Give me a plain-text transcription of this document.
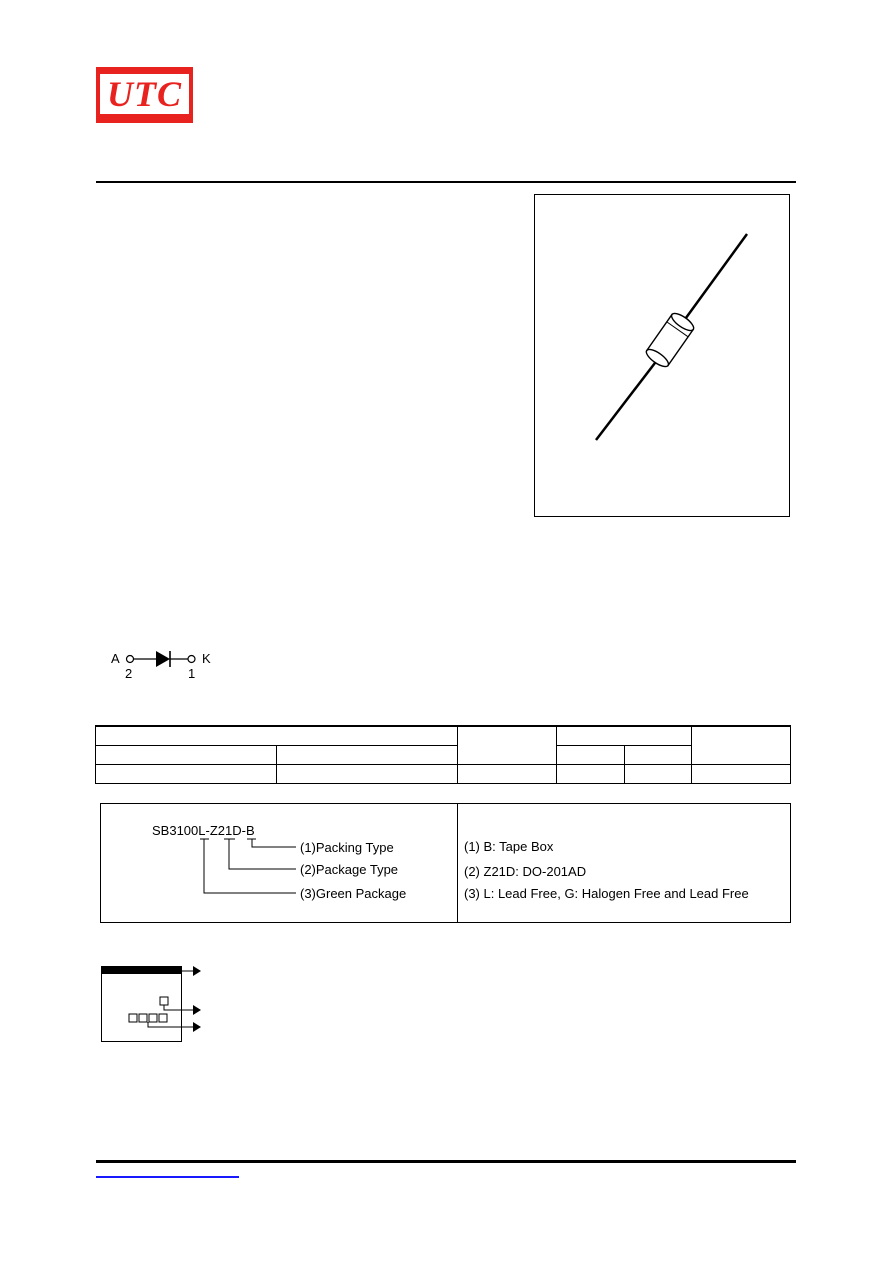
UTC
A	K
2	1

SB3100L-Z21D-B
(1)Packing Type
(2)Package Type
(3)Green Package
(1) B: Tape Box
(2) Z21D: DO-201AD
(3) L: Lead Free, G: Halogen Free and Lead Free
